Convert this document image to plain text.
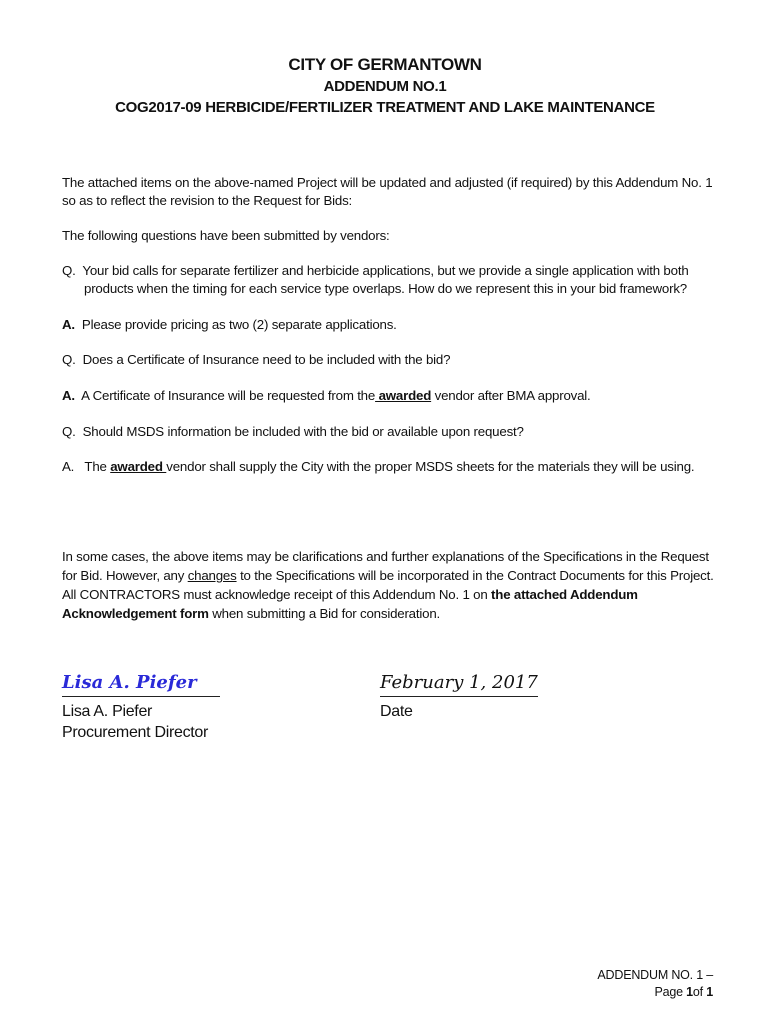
CITY OF GERMANTOWN

ADDENDUM NO.1

COG2017-09 HERBICIDE/FERTILIZER TREATMENT AND LAKE MAINTENANCE

The attached items on the above-named Project will be updated and adjusted (if required) by this Addendum No. 1 so as to reflect the revision to the Request for Bids:

The following questions have been submitted by vendors:

Q. Your bid calls for separate fertilizer and herbicide applications, but we provide a single application with both
products when the timing for each service type overlaps. How do we represent this in your bid framework?
A. Please provide pricing as two (2) separate applications.
Q. Does a Certificate of Insurance need to be included with the bid?
A. A Certificate of Insurance will be requested from the awarded vendor after BMA approval.
Q. Should MSDS information be included with the bid or available upon request?
A. The awarded vendor shall supply the City with the proper MSDS sheets for the materials they will be using.

In some cases, the above items may be clarifications and further explanations of the Specifications in the Request for Bid. However, any changes to the Specifications will be incorporated in the Contract Documents for this Project. All CONTRACTORS must acknowledge receipt of this Addendum No. 1 on the attached Addendum Acknowledgement form when submitting a Bid for consideration.

Lisa A. Piefer	February 1, 2017
Lisa A. Piefer
Procurement Director
Date
ADDENDUM NO. 1 –
Page 1of 1
